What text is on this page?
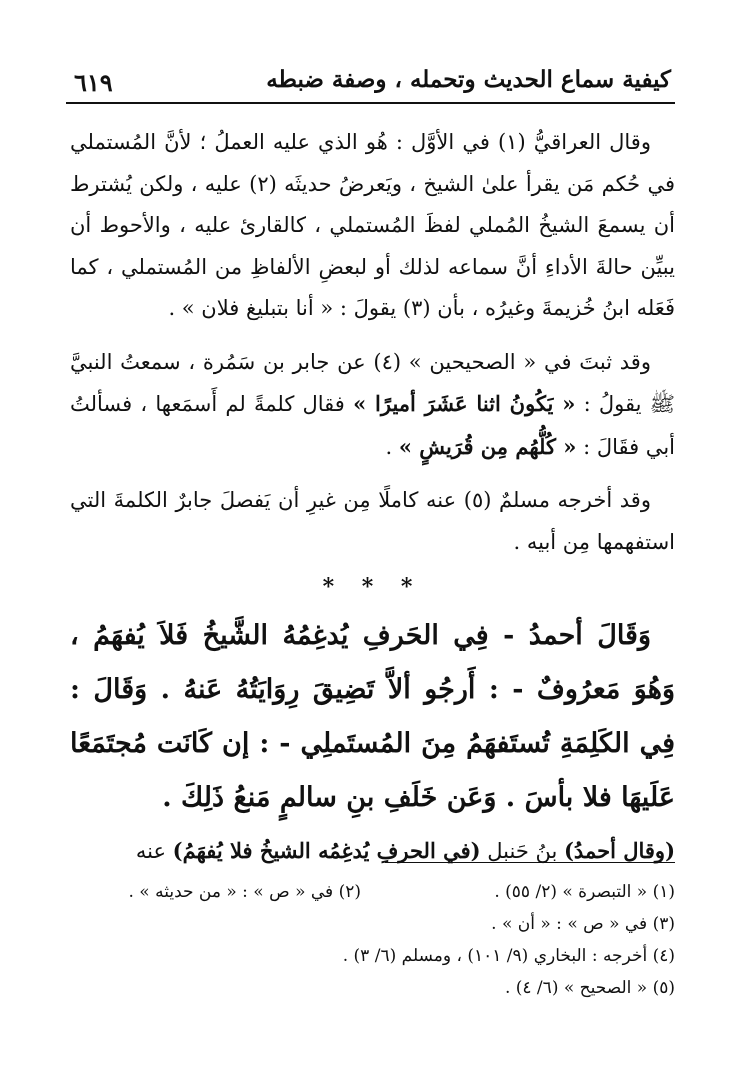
كيفية سماع الحديث وتحمله ، وصفة ضبطه
٦١٩

وقال العراقيُّ (١) في الأوَّل : هُو الذي عليه العملُ ؛ لأنَّ المُستملي في حُكم مَن يقرأ علىٰ الشيخ ، ويَعرضُ حديثَه (٢) عليه ، ولكن يُشترط أن يسمعَ الشيخُ المُملي لفظَ المُستملي ، كالقارئ عليه ، والأحوط أن يبيِّن حالةَ الأداءِ أنَّ سماعه لذلك أو لبعضِ الألفاظِ من المُستملي ، كما فَعَله ابنُ خُزيمةَ وغيرُه ، بأن (٣) يقولَ : « أنا بتبليغ فلان » .

وقد ثبتَ في « الصحيحين » (٤) عن جابر بن سَمُرة ، سمعتُ النبيَّ ﷺ يقولُ : « يَكُونُ اثنا عَشَرَ أميرًا » فقال كلمةً لم أَسمَعها ، فسألتُ أبي فقَالَ : « كُلُّهُم مِن قُرَيشٍ » .

وقد أخرجه مسلمٌ (٥) عنه كاملًا مِن غيرِ أن يَفصلَ جابرٌ الكلمةَ التي استفهمها مِن أبيه .

* * *

وَقَالَ أحمدُ - فِي الحَرفِ يُدغِمُهُ الشَّيخُ فَلاَ يُفهَمُ ، وَهُوَ مَعرُوفٌ - : أَرجُو ألاَّ تَضِيقَ رِوَايَتُهُ عَنهُ . وَقَالَ : فِي الكَلِمَةِ تُستَفهَمُ مِنَ المُستَملِي - : إن كَانَت مُجتَمَعًا عَلَيهَا فلا بأسَ . وَعَن خَلَفِ بنِ سالمٍ مَنعُ ذَلِكَ .

(وقال أحمدُ) بنُ حَنبل (في الحرفِ يُدغِمُه الشيخُ فلا يُفهَمُ) عنه

(١) « التبصرة » (٢/ ٥٥) .
(٢) في « ص » : « من حديثه » .
(٣) في « ص » : « أن » .
(٤) أخرجه : البخاري (٩/ ١٠١) ، ومسلم (٦/ ٣) .
(٥) « الصحيح » (٦/ ٤) .
